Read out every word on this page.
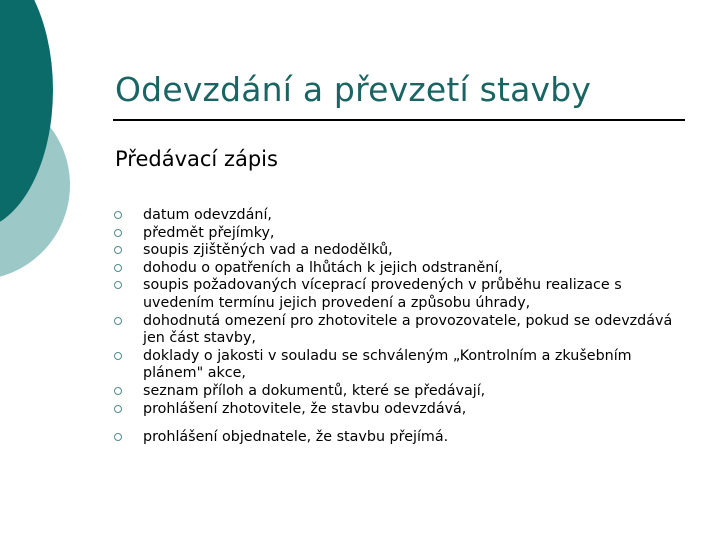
Odevzdání a převzetí stavby
Předávací zápis
datum odevzdání,
předmět přejímky,
soupis zjištěných vad a nedodělků,
dohodu o opatřeních a lhůtách k jejich odstranění,
soupis požadovaných víceprací provedených v průběhu realizace s uvedením termínu jejich provedení a způsobu úhrady,
dohodnutá omezení pro zhotovitele a provozovatele, pokud se odevzdává jen část stavby,
doklady o jakosti v souladu se schváleným „Kontrolním a zkušebním plánem" akce,
seznam příloh a dokumentů, které se předávají,
prohlášení zhotovitele, že stavbu odevzdává,
prohlášení objednatele, že stavbu přejímá.
